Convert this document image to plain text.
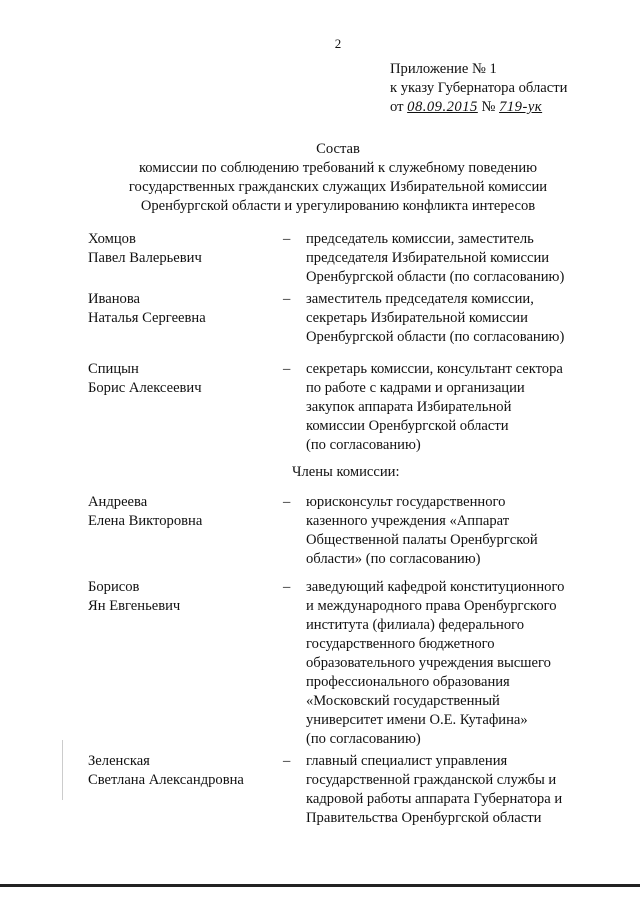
2
Приложение № 1
к указу Губернатора области
от 08.09.2015 № 719-ук
Состав
комиссии по соблюдению требований к служебному поведению
государственных гражданских служащих Избирательной комиссии
Оренбургской области и урегулированию конфликта интересов
Хомцов
Павел Валерьевич
– председатель комиссии, заместитель
председателя Избирательной комиссии
Оренбургской области (по согласованию)
Иванова
Наталья Сергеевна
– заместитель председателя комиссии,
секретарь Избирательной комиссии
Оренбургской области (по согласованию)
Спицын
Борис Алексеевич
– секретарь комиссии, консультант сектора
по работе с кадрами и организации
закупок аппарата Избирательной
комиссии Оренбургской области
(по согласованию)
Члены комиссии:
Андреева
Елена Викторовна
– юрисконсульт государственного
казенного учреждения «Аппарат
Общественной палаты Оренбургской
области» (по согласованию)
Борисов
Ян Евгеньевич
– заведующий кафедрой конституционного
и международного права Оренбургского
института (филиала) федерального
государственного бюджетного
образовательного учреждения высшего
профессионального образования
«Московский государственный
университет имени О.Е. Кутафина»
(по согласованию)
Зеленская
Светлана Александровна
– главный специалист управления
государственной гражданской службы и
кадровой работы аппарата Губернатора и
Правительства Оренбургской области
